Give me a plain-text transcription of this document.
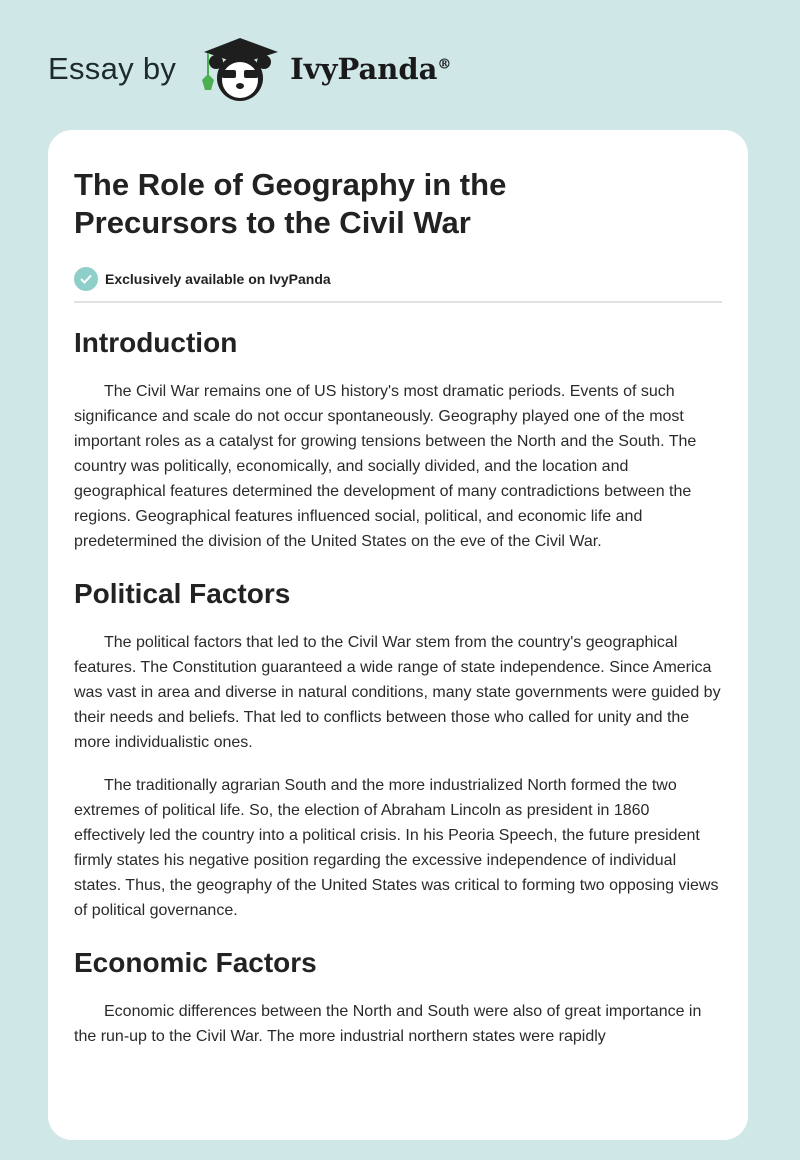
Essay by	IvyPanda®
The Role of Geography in the Precursors to the Civil War
Exclusively available on IvyPanda
Introduction

The Civil War remains one of US history's most dramatic periods. Events of such significance and scale do not occur spontaneously. Geography played one of the most important roles as a catalyst for growing tensions between the North and the South. The country was politically, economically, and socially divided, and the location and geographical features determined the development of many contradictions between the regions. Geographical features influenced social, political, and economic life and predetermined the division of the United States on the eve of the Civil War.

Political Factors

The political factors that led to the Civil War stem from the country's geographical features. The Constitution guaranteed a wide range of state independence. Since America was vast in area and diverse in natural conditions, many state governments were guided by their needs and beliefs. That led to conflicts between those who called for unity and the more individualistic ones.

The traditionally agrarian South and the more industrialized North formed the two extremes of political life. So, the election of Abraham Lincoln as president in 1860 effectively led the country into a political crisis. In his Peoria Speech, the future president firmly states his negative position regarding the excessive independence of individual states. Thus, the geography of the United States was critical to forming two opposing views of political governance.

Economic Factors

Economic differences between the North and South were also of great importance in the run-up to the Civil War. The more industrial northern states were rapidly
